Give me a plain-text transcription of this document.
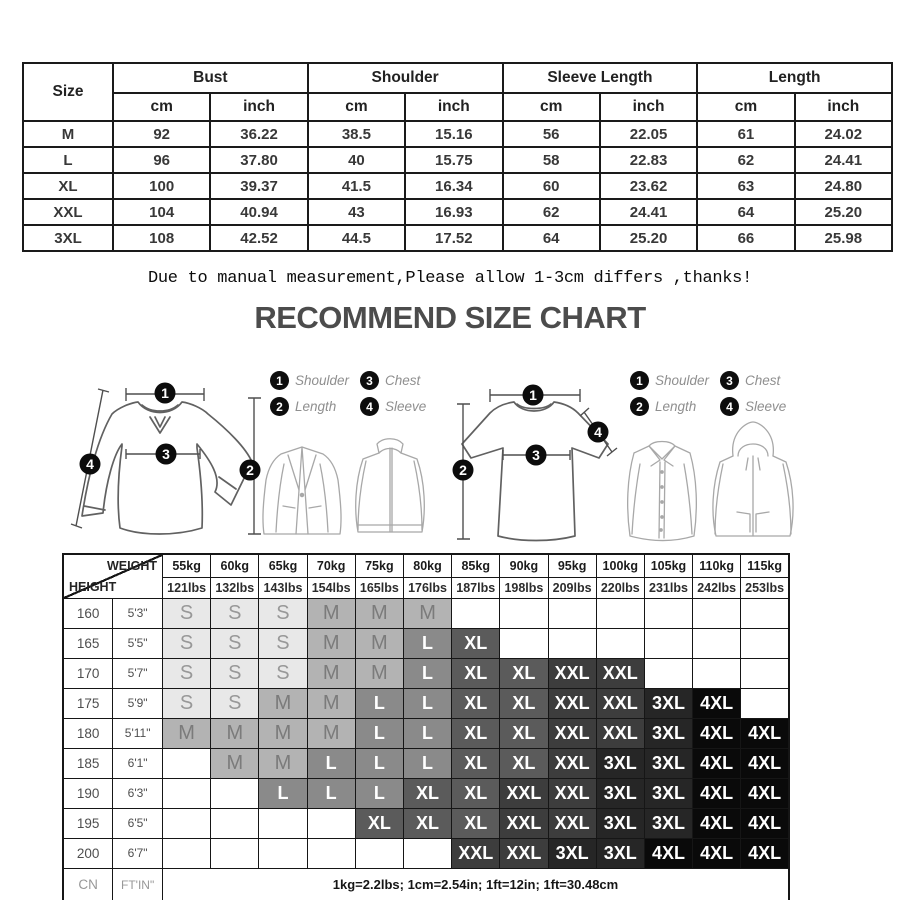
Size	Bust		Shoulder		Sleeve Length		Length	
	cm	inch	cm	inch	cm	inch	cm	inch
M	92	36.22	38.5	15.16	56	22.05	61	24.02
L	96	37.80	40	15.75	58	22.83	62	24.41
XL	100	39.37	41.5	16.34	60	23.62	63	24.80
XXL	104	40.94	43	16.93	62	24.41	64	25.20
3XL	108	42.52	44.5	17.52	64	25.20	66	25.98
Due to manual measurement,Please allow 1-3cm differs ,thanks!
RECOMMEND SIZE CHART
1
3
2
4
1
2
3
4
1 Shoulder	3 Chest
2 Length	4 Sleeve
1 Shoulder	3 Chest
2 Length	4 Sleeve
WEIGHT
HEIGHT		55kg	60kg	65kg	70kg	75kg	80kg	85kg	90kg	95kg	100kg	105kg	110kg	115kg
		121lbs	132lbs	143lbs	154lbs	165lbs	176lbs	187lbs	198lbs	209lbs	220lbs	231lbs	242lbs	253lbs
160	5'3"	S	S	S	M	M	M							
165	5'5"	S	S	S	M	M	L	XL						
170	5'7"	S	S	S	M	M	L	XL	XL	XXL	XXL			
175	5'9"	S	S	M	M	L	L	XL	XL	XXL	XXL	3XL	4XL	
180	5'11"	M	M	M	M	L	L	XL	XL	XXL	XXL	3XL	4XL	4XL
185	6'1"		M	M	L	L	L	XL	XL	XXL	3XL	3XL	4XL	4XL
190	6'3"			L	L	L	XL	XL	XXL	XXL	3XL	3XL	4XL	4XL
195	6'5"					XL	XL	XL	XXL	XXL	3XL	3XL	4XL	4XL
200	6'7"							XXL	XXL	3XL	3XL	4XL	4XL	4XL
CN	FT'IN"	1kg=2.2lbs; 1cm=2.54in; 1ft=12in; 1ft=30.48cm												
